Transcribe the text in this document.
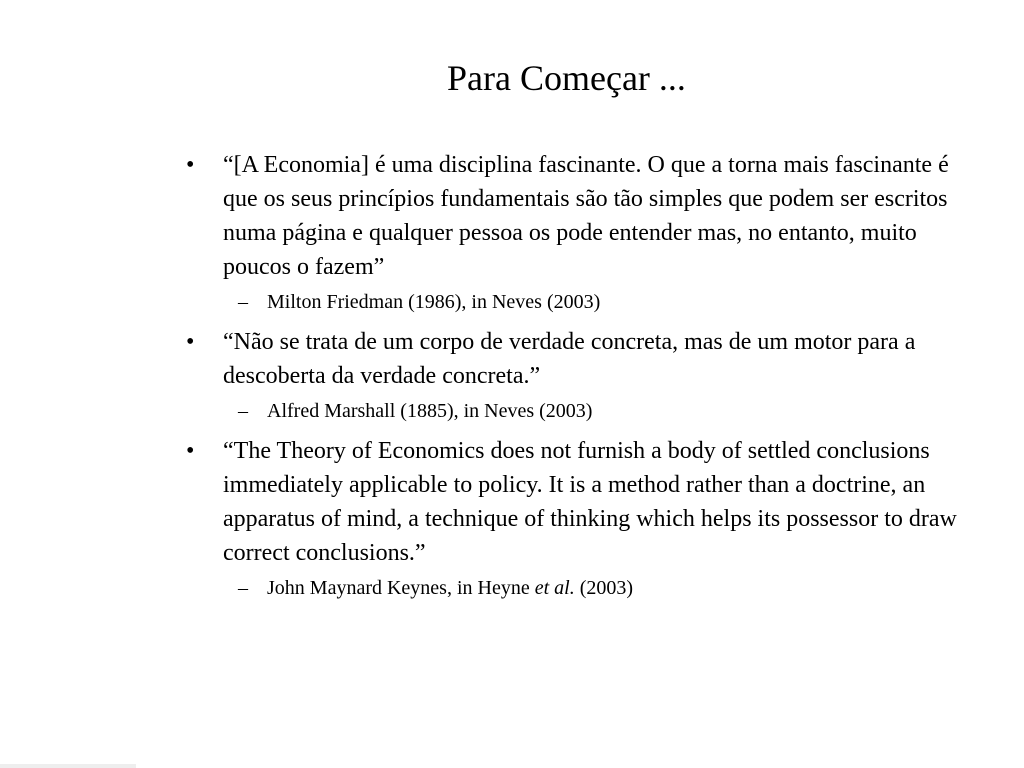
Para Começar ...
• “[A Economia] é uma disciplina fascinante. O que a torna mais fascinante é que os seus princípios fundamentais são tão simples que podem ser escritos numa página e qualquer pessoa os pode entender mas, no entanto, muito poucos o fazem”
– Milton Friedman (1986), in Neves (2003)
• “Não se trata de um corpo de verdade concreta, mas de um motor para a descoberta da verdade concreta.”
– Alfred Marshall (1885), in Neves (2003)
• “The Theory of Economics does not furnish a body of settled conclusions immediately applicable to policy. It is a method rather than a doctrine, an apparatus of mind, a technique of thinking which helps its possessor to draw correct conclusions.”
– John Maynard Keynes, in Heyne et al. (2003)
